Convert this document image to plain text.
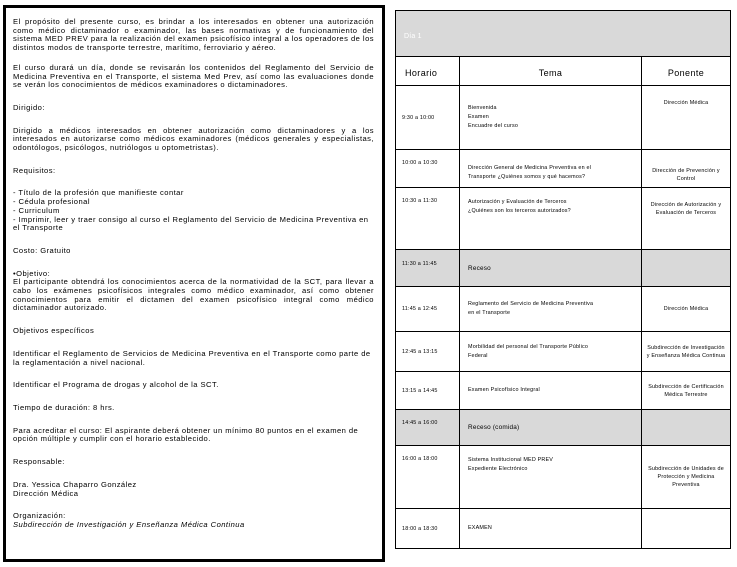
El propósito del presente curso, es brindar a los interesados en obtener una autorización como médico dictaminador o examinador, las bases normativas y de funcionamiento del sistema MED PREV para la realización del examen psicofísico integral a los operadores de los distintos modos de transporte terrestre, marítimo, ferroviario y aéreo.

El curso durará un día, donde se revisarán los contenidos del Reglamento del Servicio de Medicina Preventiva en el Transporte, el sistema Med Prev, así como las evaluaciones donde se verán los conocimientos de médicos examinadores o dictaminadores.

Dirigido:

Dirigido a médicos interesados en obtener autorización como dictaminadores y a los interesados en autorizarse como médicos examinadores (médicos generales y especialistas, odontólogos, psicólogos, nutriólogos u optometristas).

Requisitos:

- Título de la profesión que manifieste contar

- Cédula profesional

- Curriculum

- Imprimir, leer y traer consigo al curso el Reglamento del Servicio de Medicina Preventiva en el Transporte

Costo: Gratuito

•Objetivo:

El participante obtendrá los conocimientos acerca de la normatividad de la SCT, para llevar a cabo los exámenes psicofísicos integrales como médico examinador, así como obtener conocimientos para emitir el dictamen del examen psicofísico integral como médico dictaminador autorizado.

Objetivos específicos

Identificar el Reglamento de Servicios de Medicina Preventiva en el Transporte como parte de la reglamentación a nivel nacional.

Identificar el Programa de drogas y alcohol de la SCT.

Tiempo de duración: 8 hrs.

Para acreditar el curso: El aspirante deberá obtener un mínimo 80 puntos en el examen de opción múltiple y cumplir con el horario establecido.

Responsable:

Dra. Yessica Chaparro González

Dirección Médica

Organización:

Subdirección de Investigación y Enseñanza Médica Continua

Día 1		
Horario	Tema	Ponente
9:30 a 10:00	Bienvenida
Examen
Encuadre del curso	Dirección Médica
10:00 a 10:30	Dirección General de Medicina Preventiva en el
Transporte ¿Quiénes somos y qué hacemos?	Dirección de Prevención y Control
10:30 a 11:30	Autorización y Evaluación de Terceros
¿Quiénes son los terceros autorizados?	Dirección de Autorización y Evaluación de Terceros
11:30 a 11:45	Receso	
11:45 a 12:45	Reglamento del Servicio de Medicina Preventiva
en el Transporte	Dirección Médica
12:45 a 13:15	Morbilidad del personal del Transporte Público
Federal	Subdirección de Investigación y Enseñanza Médica Continua
13:15 a 14:45	Examen Psicofísico Integral	Subdirección de Certificación Médica Terrestre
14:45 a 16:00	Receso (comida)	
16:00 a 18:00	Sistema Institucional MED PREV
Expediente Electrónico	Subdirección de Unidades de Protección y Medicina Preventiva
18:00 a 18:30	EXAMEN	
